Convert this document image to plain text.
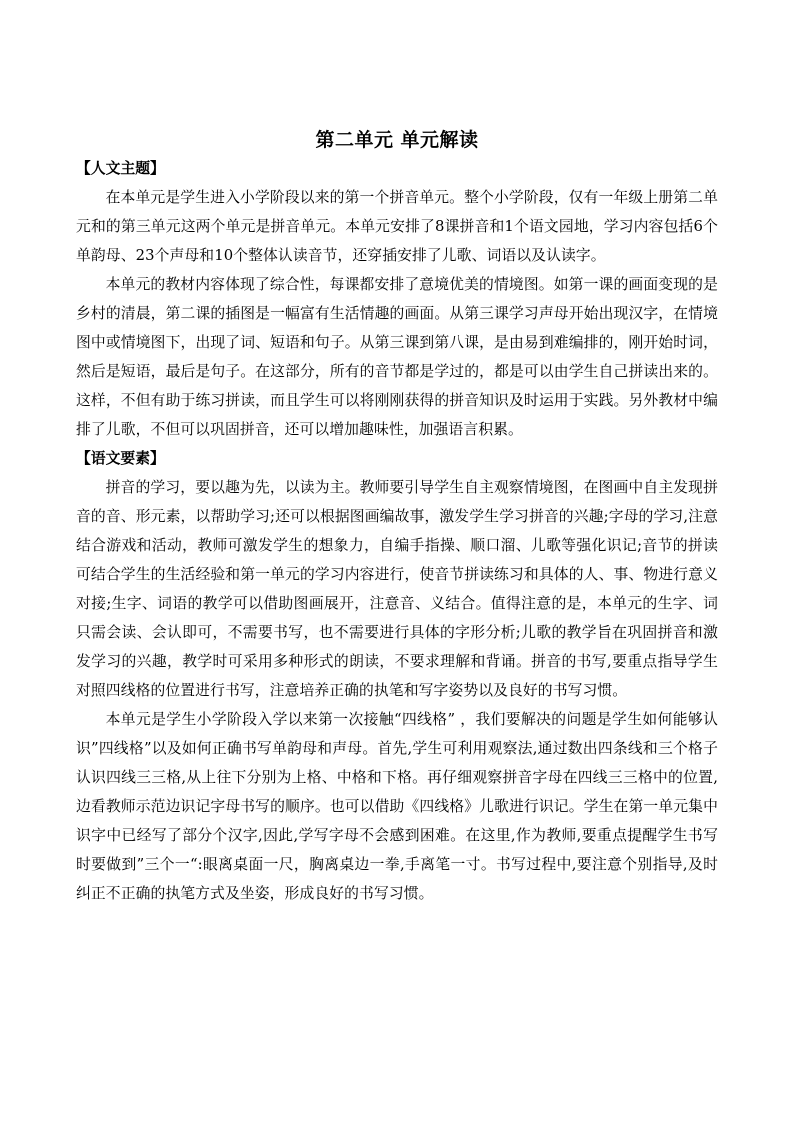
第二单元 单元解读

【人文主题】

在本单元是学生进入小学阶段以来的第一个拼音单元。整个小学阶段，仅有一年级上册第二单元和的第三单元这两个单元是拼音单元。本单元安排了8课拼音和1个语文园地，学习内容包括6个单韵母、23个声母和10个整体认读音节，还穿插安排了儿歌、词语以及认读字。

本单元的教材内容体现了综合性，每课都安排了意境优美的情境图。如第一课的画面变现的是乡村的清晨，第二课的插图是一幅富有生活情趣的画面。从第三课学习声母开始出现汉字，在情境图中或情境图下，出现了词、短语和句子。从第三课到第八课，是由易到难编排的，刚开始时词，然后是短语，最后是句子。在这部分，所有的音节都是学过的，都是可以由学生自己拼读出来的。这样，不但有助于练习拼读，而且学生可以将刚刚获得的拼音知识及时运用于实践。另外教材中编排了儿歌，不但可以巩固拼音，还可以增加趣味性，加强语言积累。

【语文要素】

拼音的学习，要以趣为先，以读为主。教师要引导学生自主观察情境图，在图画中自主发现拼音的音、形元素，以帮助学习;还可以根据图画编故事，激发学生学习拼音的兴趣;字母的学习,注意结合游戏和活动，教师可激发学生的想象力，自编手指操、顺口溜、儿歌等强化识记;音节的拼读可结合学生的生活经验和第一单元的学习内容进行，使音节拼读练习和具体的人、事、物进行意义对接;生字、词语的教学可以借助图画展开，注意音、义结合。值得注意的是，本单元的生字、词只需会读、会认即可，不需要书写，也不需要进行具体的字形分析;儿歌的教学旨在巩固拼音和激发学习的兴趣，教学时可采用多种形式的朗读，不要求理解和背诵。拼音的书写,要重点指导学生对照四线格的位置进行书写，注意培养正确的执笔和写字姿势以及良好的书写习惯。

本单元是学生小学阶段入学以来第一次接触“四线格” ，我们要解决的问题是学生如何能够认识”四线格”以及如何正确书写单韵母和声母。首先,学生可利用观察法,通过数出四条线和三个格子认识四线三三格,从上往下分别为上格、中格和下格。再仔细观察拼音字母在四线三三格中的位置,边看教师示范边识记字母书写的顺序。也可以借助《四线格》儿歌进行识记。学生在第一单元集中识字中已经写了部分个汉字,因此,学写字母不会感到困难。在这里,作为教师,要重点提醒学生书写时要做到”三个一“:眼离桌面一尺，胸离桌边一拳,手离笔一寸。书写过程中,要注意个别指导,及时纠正不正确的执笔方式及坐姿，形成良好的书写习惯。
